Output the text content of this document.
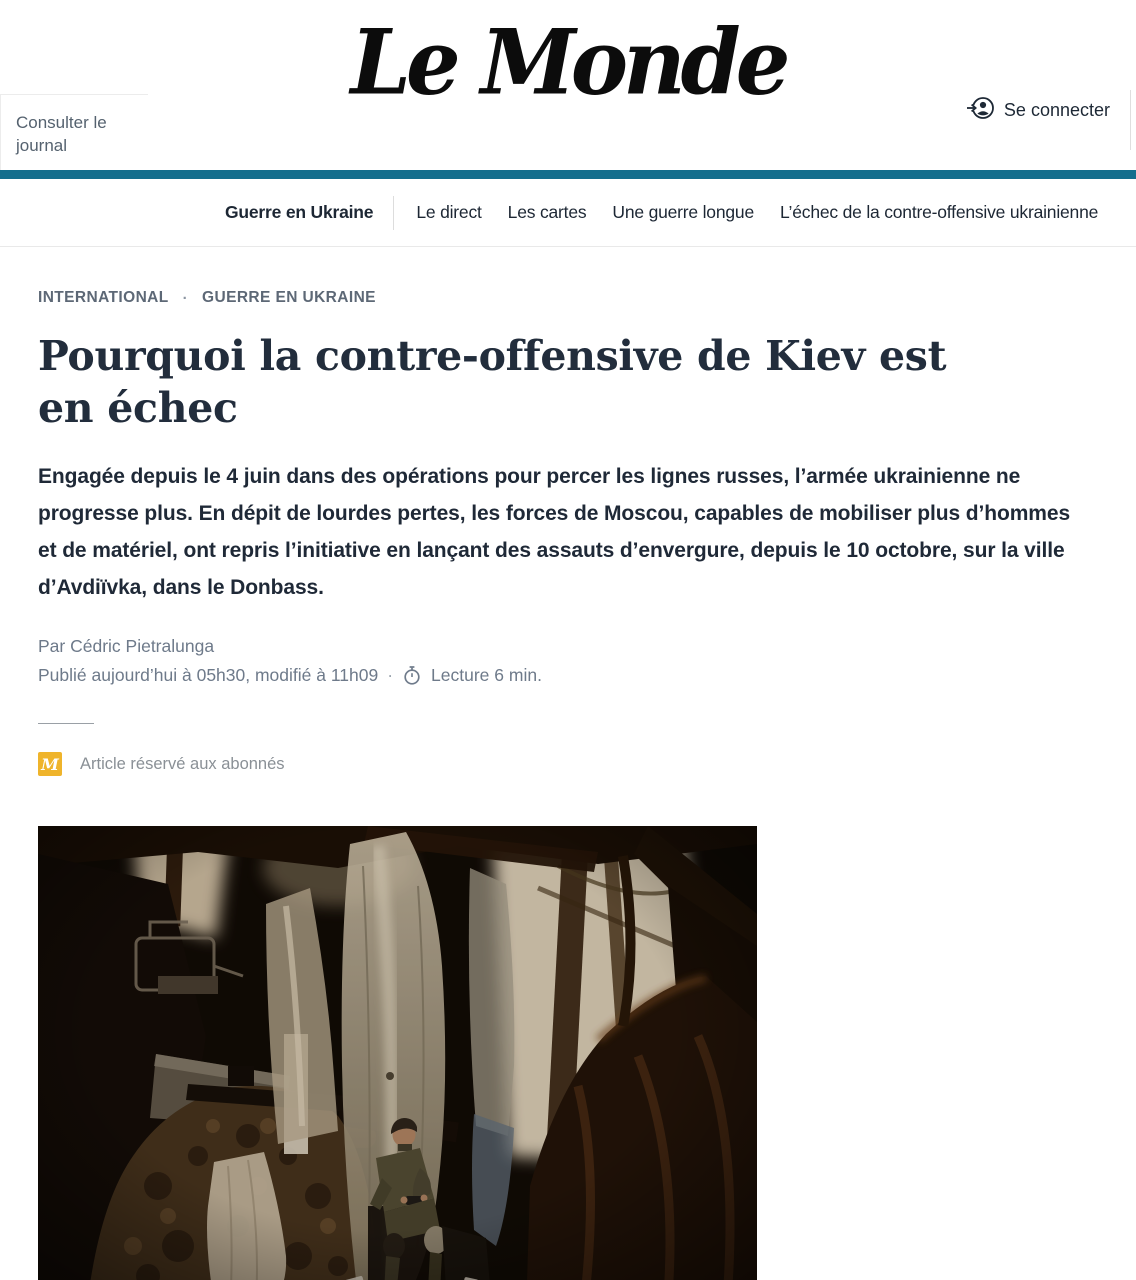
Consulter le journal
Le Monde	Se connecter
Guerre en Ukraine Le direct Les cartes Une guerre longue L’échec de la contre-offensive ukrainienne
INTERNATIONAL · GUERRE EN UKRAINE
Pourquoi la contre-offensive de Kiev est en échec

Engagée depuis le 4 juin dans des opérations pour percer les lignes russes, l’armée ukrainienne ne progresse plus. En dépit de lourdes pertes, les forces de Moscou, capables de mobiliser plus d’hommes et de matériel, ont repris l’initiative en lançant des assauts d’envergure, depuis le 10 octobre, sur la ville d’Avdiïvka, dans le Donbass.

Par Cédric Pietralunga
Publié aujourd’hui à 05h30, modifié à 11h09 · Lecture 6 min.
M Article réservé aux abonnés
